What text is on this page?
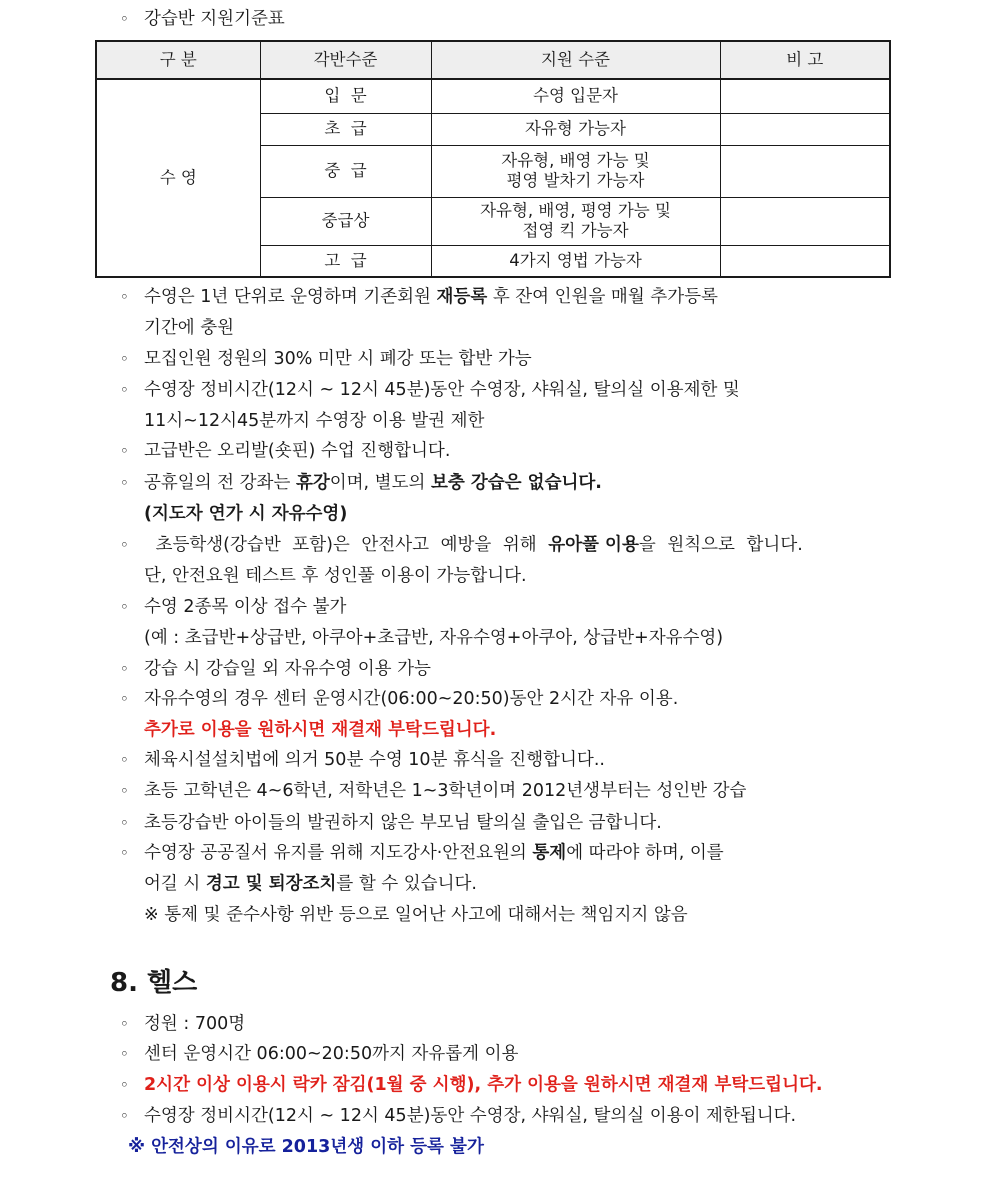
◦ 강습반 지원기준표
구 분	각반수준	지원 수준	비 고
수 영	입  문	수영 입문자	
	초  급	자유형 가능자	
	중  급	자유형, 배영 가능 및
평영 발차기 가능자	

	중급상	자유형, 배영, 평영 가능 및
접영 킥 가능자	

	고  급	4가지 영법 가능자	
◦ 수영은 1년 단위로 운영하며 기존회원 재등록 후 잔여 인원을 매월 추가등록
기간에 충원
◦ 모집인원 정원의 30% 미만 시 폐강 또는 합반 가능
◦ 수영장 정비시간(12시 ~ 12시 45분)동안 수영장, 샤워실, 탈의실 이용제한 및
11시~12시45분까지 수영장 이용 발권 제한
◦ 고급반은 오리발(숏핀) 수업 진행합니다.
◦ 공휴일의 전 강좌는 휴강이며, 별도의 보충 강습은 없습니다.
(지도자 연가 시 자유수영)
◦ 초등학생(강습반 포함)은 안전사고 예방을 위해 유아풀 이용을 원칙으로 합니다.
단, 안전요원 테스트 후 성인풀 이용이 가능합니다.
◦ 수영 2종목 이상 접수 불가
(예 : 초급반+상급반, 아쿠아+초급반, 자유수영+아쿠아, 상급반+자유수영)
◦ 강습 시 강습일 외 자유수영 이용 가능
◦ 자유수영의 경우 센터 운영시간(06:00~20:50)동안 2시간 자유 이용.
추가로 이용을 원하시면 재결재 부탁드립니다.
◦ 체육시설설치법에 의거 50분 수영 10분 휴식을 진행합니다..
◦ 초등 고학년은 4~6학년, 저학년은 1~3학년이며 2012년생부터는 성인반 강습
◦ 초등강습반 아이들의 발권하지 않은 부모님 탈의실 출입은 금합니다.
◦ 수영장 공공질서 유지를 위해 지도강사·안전요원의 통제에 따라야 하며, 이를
어길 시 경고 및 퇴장조치를 할 수 있습니다.
※ 통제 및 준수사항 위반 등으로 일어난 사고에 대해서는 책임지지 않음
8. 헬스
◦ 정원 : 700명
◦ 센터 운영시간 06:00~20:50까지 자유롭게 이용
◦ 2시간 이상 이용시 락카 잠김(1월 중 시행), 추가 이용을 원하시면 재결재 부탁드립니다.
◦ 수영장 정비시간(12시 ~ 12시 45분)동안 수영장, 샤워실, 탈의실 이용이 제한됩니다.
※ 안전상의 이유로 2013년생 이하 등록 불가
